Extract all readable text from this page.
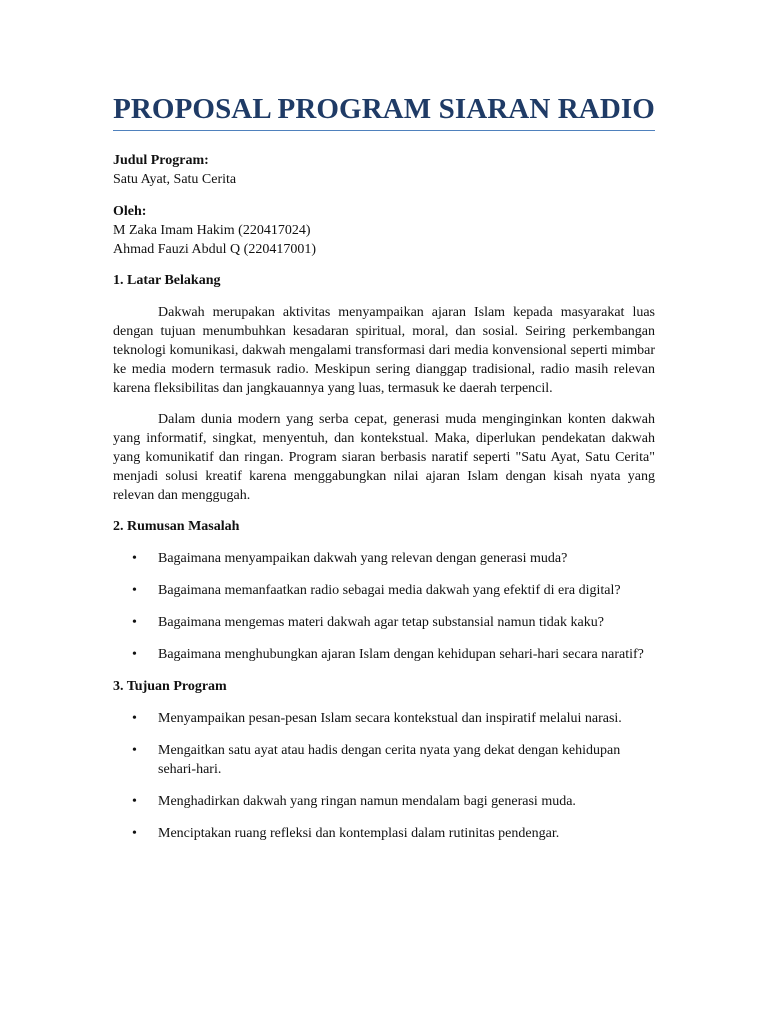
PROPOSAL PROGRAM SIARAN RADIO
Judul Program:
Satu Ayat, Satu Cerita
Oleh:
M Zaka Imam Hakim (220417024)
Ahmad Fauzi Abdul Q (220417001)
1. Latar Belakang

Dakwah merupakan aktivitas menyampaikan ajaran Islam kepada masyarakat luas dengan tujuan menumbuhkan kesadaran spiritual, moral, dan sosial. Seiring perkembangan teknologi komunikasi, dakwah mengalami transformasi dari media konvensional seperti mimbar ke media modern termasuk radio. Meskipun sering dianggap tradisional, radio masih relevan karena fleksibilitas dan jangkauannya yang luas, termasuk ke daerah terpencil.

Dalam dunia modern yang serba cepat, generasi muda menginginkan konten dakwah yang informatif, singkat, menyentuh, dan kontekstual. Maka, diperlukan pendekatan dakwah yang komunikatif dan ringan. Program siaran berbasis naratif seperti "Satu Ayat, Satu Cerita" menjadi solusi kreatif karena menggabungkan nilai ajaran Islam dengan kisah nyata yang relevan dan menggugah.

2. Rumusan Masalah
• Bagaimana menyampaikan dakwah yang relevan dengan generasi muda?
• Bagaimana memanfaatkan radio sebagai media dakwah yang efektif di era digital?
• Bagaimana mengemas materi dakwah agar tetap substansial namun tidak kaku?
• Bagaimana menghubungkan ajaran Islam dengan kehidupan sehari-hari secara naratif?
3. Tujuan Program
• Menyampaikan pesan-pesan Islam secara kontekstual dan inspiratif melalui narasi.
• Mengaitkan satu ayat atau hadis dengan cerita nyata yang dekat dengan kehidupan sehari-hari.
• Menghadirkan dakwah yang ringan namun mendalam bagi generasi muda.
• Menciptakan ruang refleksi dan kontemplasi dalam rutinitas pendengar.
